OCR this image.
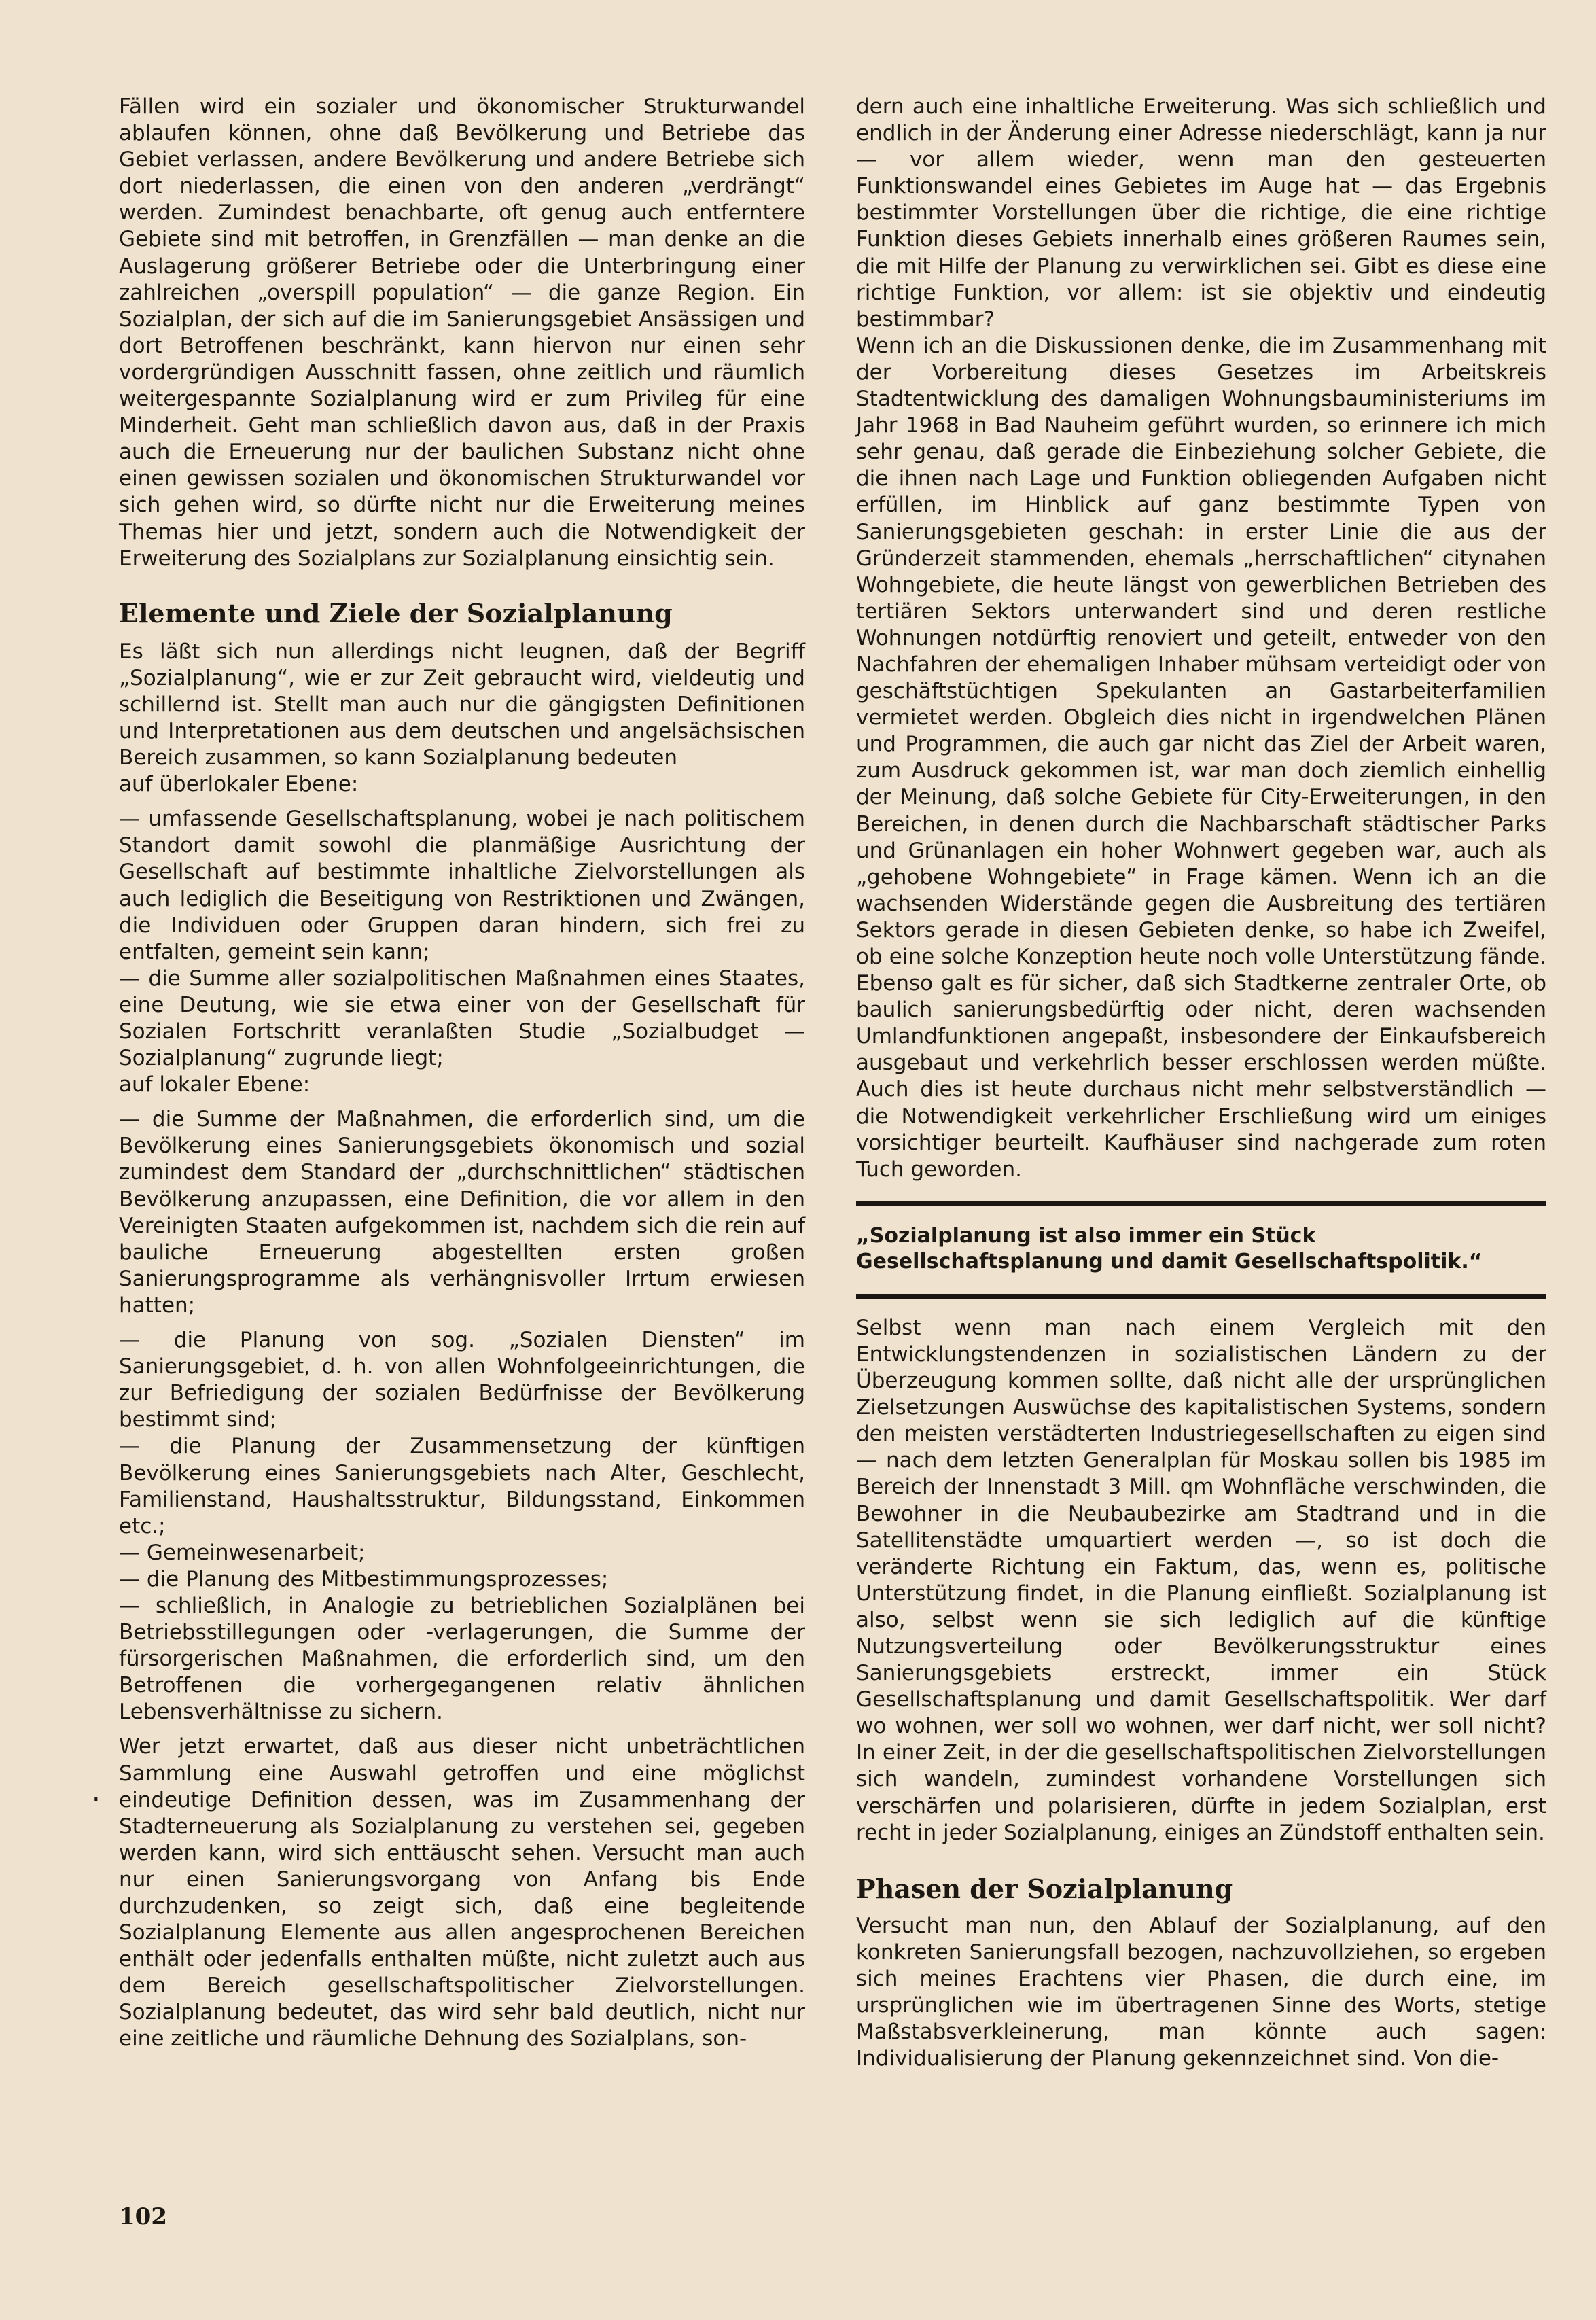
Fällen wird ein sozialer und ökonomischer Strukturwandel ablaufen können, ohne daß Bevölkerung und Betriebe das Gebiet verlassen, andere Bevölkerung und andere Betriebe sich dort niederlassen, die einen von den anderen „verdrängt“ werden. Zumindest benachbarte, oft genug auch entferntere Gebiete sind mit betroffen, in Grenzfällen — man denke an die Auslagerung größerer Betriebe oder die Unterbringung einer zahlreichen „overspill population“ — die ganze Region. Ein Sozialplan, der sich auf die im Sanierungsgebiet Ansässigen und dort Betroffenen beschränkt, kann hiervon nur einen sehr vordergründigen Ausschnitt fassen, ohne zeitlich und räumlich weitergespannte Sozialplanung wird er zum Privileg für eine Minderheit. Geht man schließlich davon aus, daß in der Praxis auch die Erneuerung nur der baulichen Substanz nicht ohne einen gewissen sozialen und ökonomischen Strukturwandel vor sich gehen wird, so dürfte nicht nur die Erweiterung meines Themas hier und jetzt, sondern auch die Notwendigkeit der Erweiterung des Sozialplans zur Sozialplanung einsichtig sein.

Elemente und Ziele der Sozialplanung

Es läßt sich nun allerdings nicht leugnen, daß der Begriff „Sozialplanung“, wie er zur Zeit gebraucht wird, vieldeutig und schillernd ist. Stellt man auch nur die gängigsten Definitionen und Interpretationen aus dem deutschen und angelsächsischen Bereich zusammen, so kann Sozialplanung bedeuten

auf überlokaler Ebene:

— umfassende Gesellschaftsplanung, wobei je nach politischem Standort damit sowohl die planmäßige Ausrichtung der Gesellschaft auf bestimmte inhaltliche Zielvorstellungen als auch lediglich die Beseitigung von Restriktionen und Zwängen, die Individuen oder Gruppen daran hindern, sich frei zu entfalten, gemeint sein kann;

— die Summe aller sozialpolitischen Maßnahmen eines Staates, eine Deutung, wie sie etwa einer von der Gesellschaft für Sozialen Fortschritt veranlaßten Studie „Sozialbudget — Sozialplanung“ zugrunde liegt;

auf lokaler Ebene:

— die Summe der Maßnahmen, die erforderlich sind, um die Bevölkerung eines Sanierungsgebiets ökonomisch und sozial zumindest dem Standard der „durchschnittlichen“ städtischen Bevölkerung anzupassen, eine Definition, die vor allem in den Vereinigten Staaten aufgekommen ist, nachdem sich die rein auf bauliche Erneuerung abgestellten ersten großen Sanierungsprogramme als verhängnisvoller Irrtum erwiesen hatten;

— die Planung von sog. „Sozialen Diensten“ im Sanierungsgebiet, d. h. von allen Wohnfolgeeinrichtungen, die zur Befriedigung der sozialen Bedürfnisse der Bevölkerung bestimmt sind;

— die Planung der Zusammensetzung der künftigen Bevölkerung eines Sanierungsgebiets nach Alter, Geschlecht, Familienstand, Haushaltsstruktur, Bildungsstand, Einkommen etc.;

— Gemeinwesenarbeit;

— die Planung des Mitbestimmungsprozesses;

— schließlich, in Analogie zu betrieblichen Sozialplänen bei Betriebsstillegungen oder -verlagerungen, die Summe der fürsorgerischen Maßnahmen, die erforderlich sind, um den Betroffenen die vorhergegangenen relativ ähnlichen Lebensverhältnisse zu sichern.

Wer jetzt erwartet, daß aus dieser nicht unbeträchtlichen Sammlung eine Auswahl getroffen und eine möglichst eindeutige Definition dessen, was im Zusammenhang der Stadterneuerung als Sozialplanung zu verstehen sei, gegeben werden kann, wird sich enttäuscht sehen. Versucht man auch nur einen Sanierungsvorgang von Anfang bis Ende durchzudenken, so zeigt sich, daß eine begleitende Sozialplanung Elemente aus allen angesprochenen Bereichen enthält oder jedenfalls enthalten müßte, nicht zuletzt auch aus dem Bereich gesellschaftspolitischer Zielvorstellungen. Sozialplanung bedeutet, das wird sehr bald deutlich, nicht nur eine zeitliche und räumliche Dehnung des Sozialplans, son-

dern auch eine inhaltliche Erweiterung. Was sich schließlich und endlich in der Änderung einer Adresse niederschlägt, kann ja nur — vor allem wieder, wenn man den gesteuerten Funktionswandel eines Gebietes im Auge hat — das Ergebnis bestimmter Vorstellungen über die richtige, die eine richtige Funktion dieses Gebiets innerhalb eines größeren Raumes sein, die mit Hilfe der Planung zu verwirklichen sei. Gibt es diese eine richtige Funktion, vor allem: ist sie objektiv und eindeutig bestimmbar?

Wenn ich an die Diskussionen denke, die im Zusammenhang mit der Vorbereitung dieses Gesetzes im Arbeitskreis Stadtentwicklung des damaligen Wohnungsbauministeriums im Jahr 1968 in Bad Nauheim geführt wurden, so erinnere ich mich sehr genau, daß gerade die Einbeziehung solcher Gebiete, die die ihnen nach Lage und Funktion obliegenden Aufgaben nicht erfüllen, im Hinblick auf ganz bestimmte Typen von Sanierungsgebieten geschah: in erster Linie die aus der Gründerzeit stammenden, ehemals „herrschaftlichen“ citynahen Wohngebiete, die heute längst von gewerblichen Betrieben des tertiären Sektors unterwandert sind und deren restliche Wohnungen notdürftig renoviert und geteilt, entweder von den Nachfahren der ehemaligen Inhaber mühsam verteidigt oder von geschäftstüchtigen Spekulanten an Gastarbeiterfamilien vermietet werden. Obgleich dies nicht in irgendwelchen Plänen und Programmen, die auch gar nicht das Ziel der Arbeit waren, zum Ausdruck gekommen ist, war man doch ziemlich einhellig der Meinung, daß solche Gebiete für City-Erweiterungen, in den Bereichen, in denen durch die Nachbarschaft städtischer Parks und Grünanlagen ein hoher Wohnwert gegeben war, auch als „gehobene Wohngebiete“ in Frage kämen. Wenn ich an die wachsenden Widerstände gegen die Ausbreitung des tertiären Sektors gerade in diesen Gebieten denke, so habe ich Zweifel, ob eine solche Konzeption heute noch volle Unterstützung fände. Ebenso galt es für sicher, daß sich Stadtkerne zentraler Orte, ob baulich sanierungsbedürftig oder nicht, deren wachsenden Umlandfunktionen angepaßt, insbesondere der Einkaufsbereich ausgebaut und verkehrlich besser erschlossen werden müßte. Auch dies ist heute durchaus nicht mehr selbstverständlich — die Notwendigkeit verkehrlicher Erschließung wird um einiges vorsichtiger beurteilt. Kaufhäuser sind nachgerade zum roten Tuch geworden.

„Sozialplanung ist also immer ein Stück Gesellschaftsplanung und damit Gesellschaftspolitik.“

Selbst wenn man nach einem Vergleich mit den Entwicklungstendenzen in sozialistischen Ländern zu der Überzeugung kommen sollte, daß nicht alle der ursprünglichen Zielsetzungen Auswüchse des kapitalistischen Systems, sondern den meisten verstädterten Industriegesellschaften zu eigen sind — nach dem letzten Generalplan für Moskau sollen bis 1985 im Bereich der Innenstadt 3 Mill. qm Wohnfläche verschwinden, die Bewohner in die Neubaubezirke am Stadtrand und in die Satellitenstädte umquartiert werden —, so ist doch die veränderte Richtung ein Faktum, das, wenn es, politische Unterstützung findet, in die Planung einfließt. Sozialplanung ist also, selbst wenn sie sich lediglich auf die künftige Nutzungsverteilung oder Bevölkerungsstruktur eines Sanierungsgebiets erstreckt, immer ein Stück Gesellschaftsplanung und damit Gesellschaftspolitik. Wer darf wo wohnen, wer soll wo wohnen, wer darf nicht, wer soll nicht? In einer Zeit, in der die gesellschaftspolitischen Zielvorstellungen sich wandeln, zumindest vorhandene Vorstellungen sich verschärfen und polarisieren, dürfte in jedem Sozialplan, erst recht in jeder Sozialplanung, einiges an Zündstoff enthalten sein.

Phasen der Sozialplanung

Versucht man nun, den Ablauf der Sozialplanung, auf den konkreten Sanierungsfall bezogen, nachzuvollziehen, so ergeben sich meines Erachtens vier Phasen, die durch eine, im ursprünglichen wie im übertragenen Sinne des Worts, stetige Maßstabsverkleinerung, man könnte auch sagen: Individualisierung der Planung gekennzeichnet sind. Von die-

.
102
